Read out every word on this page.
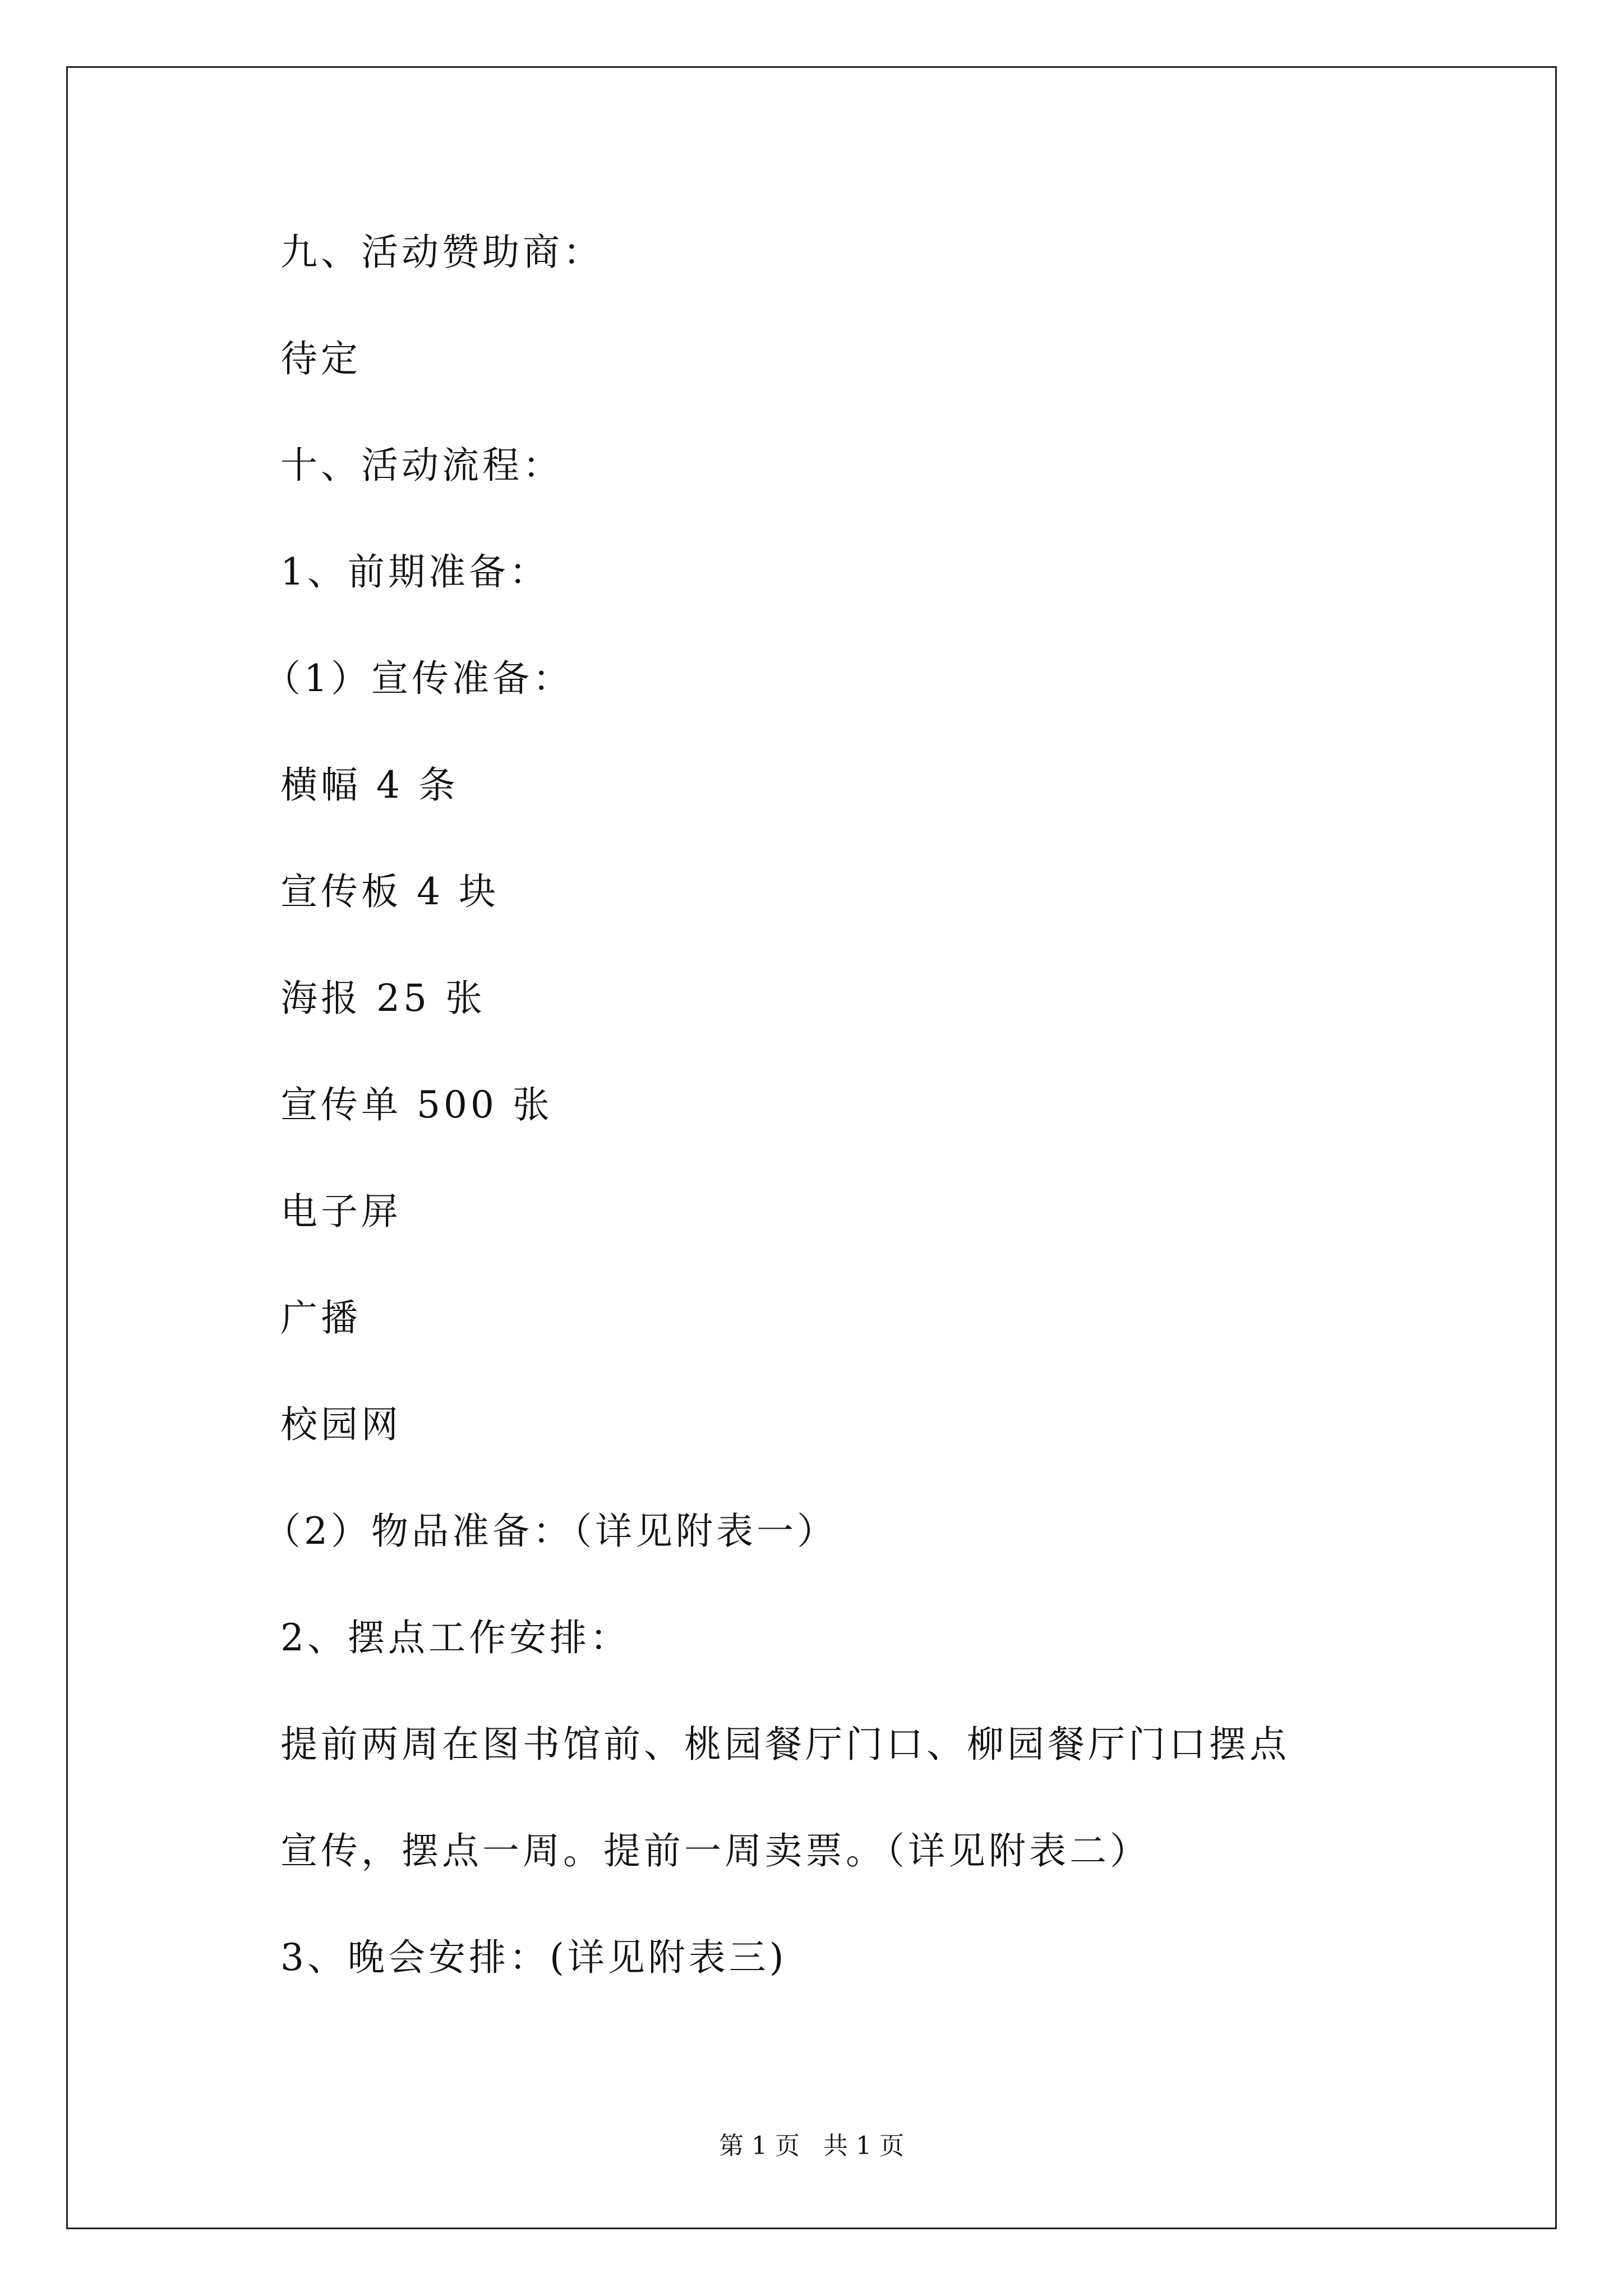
九、活动赞助商：
待定
十、活动流程：
1、前期准备：
（1）宣传准备：
横幅 4 条
宣传板 4 块
海报 25 张
宣传单 500 张
电子屏
广播
校园网
（2）物品准备：（详见附表一）
2、摆点工作安排：
提前两周在图书馆前、桃园餐厅门口、柳园餐厅门口摆点
宣传，摆点一周。提前一周卖票。（详见附表二）
3、晚会安排：(详见附表三)
第 1 页   共 1 页
